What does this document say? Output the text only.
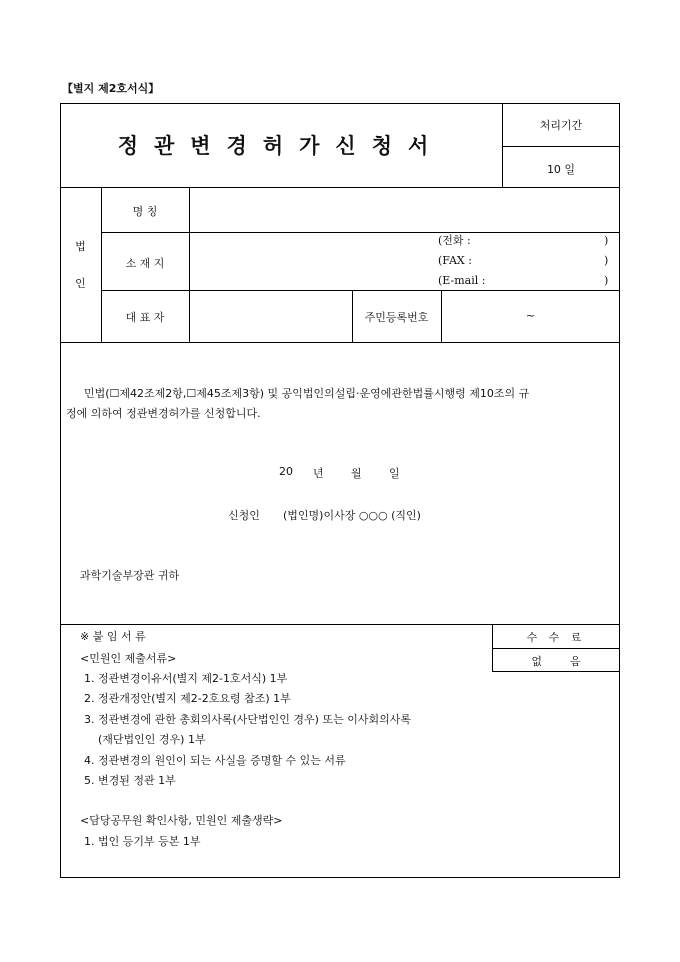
【별지 제2호서식】
정관변경허가신청서
처리기간
10 일
법
인
명 칭
소 재 지
(전화 :
(FAX :
(E-mail :
)
)
)
대 표 자	주민등록번호	~
민법(☐제42조제2항,☐제45조제3항) 및 공익법인의설립·운영에관한법률시행령 제10조의 규
정에 의하여 정관변경허가를 신청합니다.
20 년 월 일
신청인 (법인명)이사장 ○○○ (직인)
과학기술부장관 귀하
※ 붙 임 서 류
<민원인 제출서류>
1. 정관변경이유서(별지 제2-1호서식) 1부
2. 정관개정안(별지 제2-2호요령 참조) 1부
3. 정관변경에 관한 총회의사록(사단법인인 경우) 또는 이사회의사록
(재단법인인 경우) 1부
4. 정관변경의 원인이 되는 사실을 증명할 수 있는 서류
5. 변경된 정관 1부
<담당공무원 확인사항, 민원인 제출생략>
1. 법인 등기부 등본 1부
수 수 료
없        음
